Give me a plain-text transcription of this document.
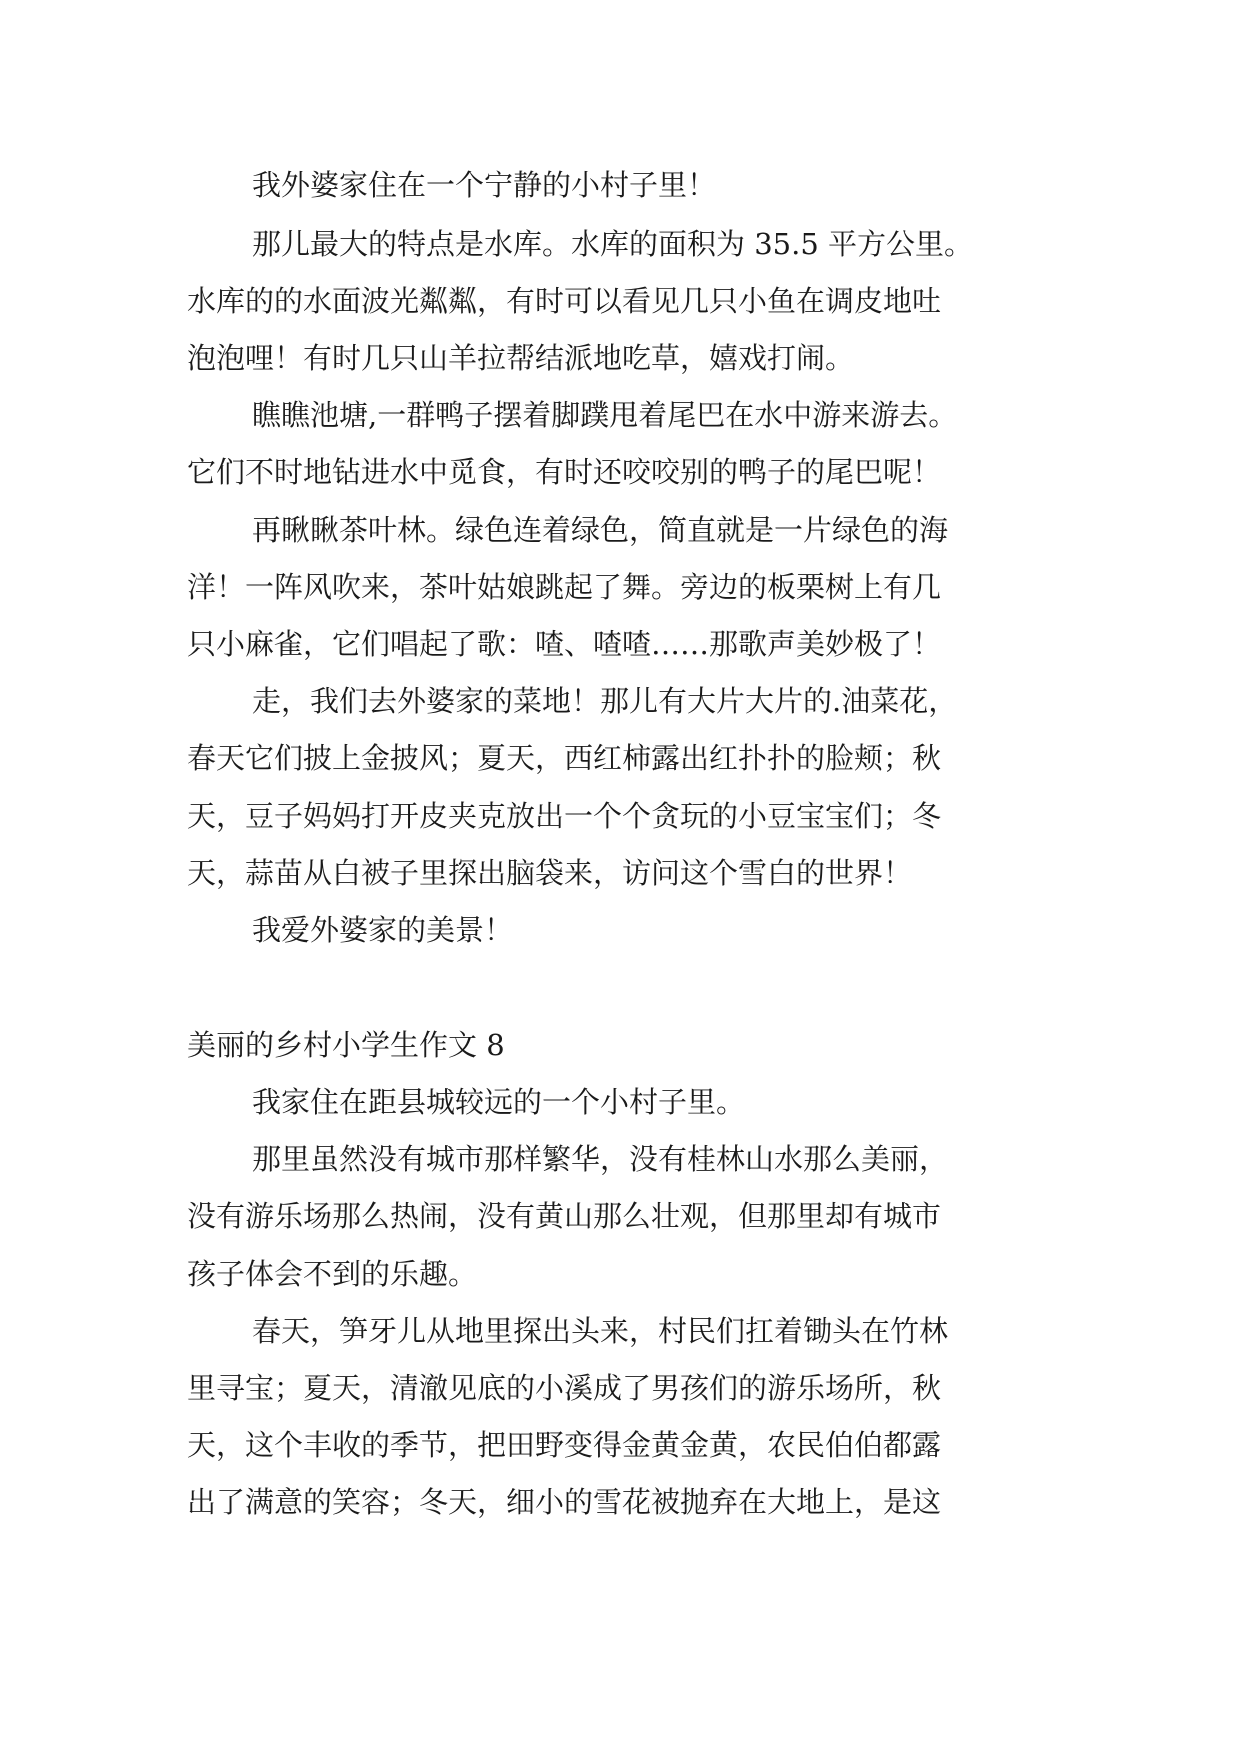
我外婆家住在一个宁静的小村子里！
那儿最大的特点是水库。水库的面积为 35.5 平方公里。
水库的的水面波光粼粼，有时可以看见几只小鱼在调皮地吐
泡泡哩！有时几只山羊拉帮结派地吃草，嬉戏打闹。
瞧瞧池塘,一群鸭子摆着脚蹼甩着尾巴在水中游来游去。
它们不时地钻进水中觅食，有时还咬咬别的鸭子的尾巴呢！
再瞅瞅茶叶林。绿色连着绿色，简直就是一片绿色的海
洋！一阵风吹来，茶叶姑娘跳起了舞。旁边的板栗树上有几
只小麻雀，它们唱起了歌：喳、喳喳……那歌声美妙极了！
走，我们去外婆家的菜地！那儿有大片大片的.油菜花，
春天它们披上金披风；夏天，西红柿露出红扑扑的脸颊；秋
天，豆子妈妈打开皮夹克放出一个个贪玩的小豆宝宝们；冬
天，蒜苗从白被子里探出脑袋来，访问这个雪白的世界！
我爱外婆家的美景！
美丽的乡村小学生作文 8
我家住在距县城较远的一个小村子里。
那里虽然没有城市那样繁华，没有桂林山水那么美丽，
没有游乐场那么热闹，没有黄山那么壮观，但那里却有城市
孩子体会不到的乐趣。
春天，笋牙儿从地里探出头来，村民们扛着锄头在竹林
里寻宝；夏天，清澈见底的小溪成了男孩们的游乐场所，秋
天，这个丰收的季节，把田野变得金黄金黄，农民伯伯都露
出了满意的笑容；冬天，细小的雪花被抛弃在大地上，是这
